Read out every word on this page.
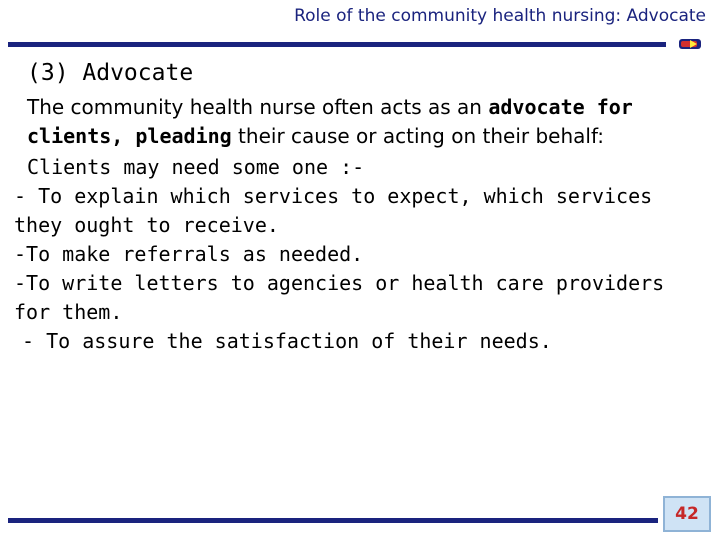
Role of the community health nursing: Advocate
(3) Advocate
The community health nurse often acts as an advocate for
clients, pleading their cause or acting on their behalf:
Clients may need some one :-
- To explain which services to expect, which services
they ought to receive.
-To make referrals as needed.
-To write letters to agencies or health care providers
for them.
- To assure the satisfaction of their needs.
42
